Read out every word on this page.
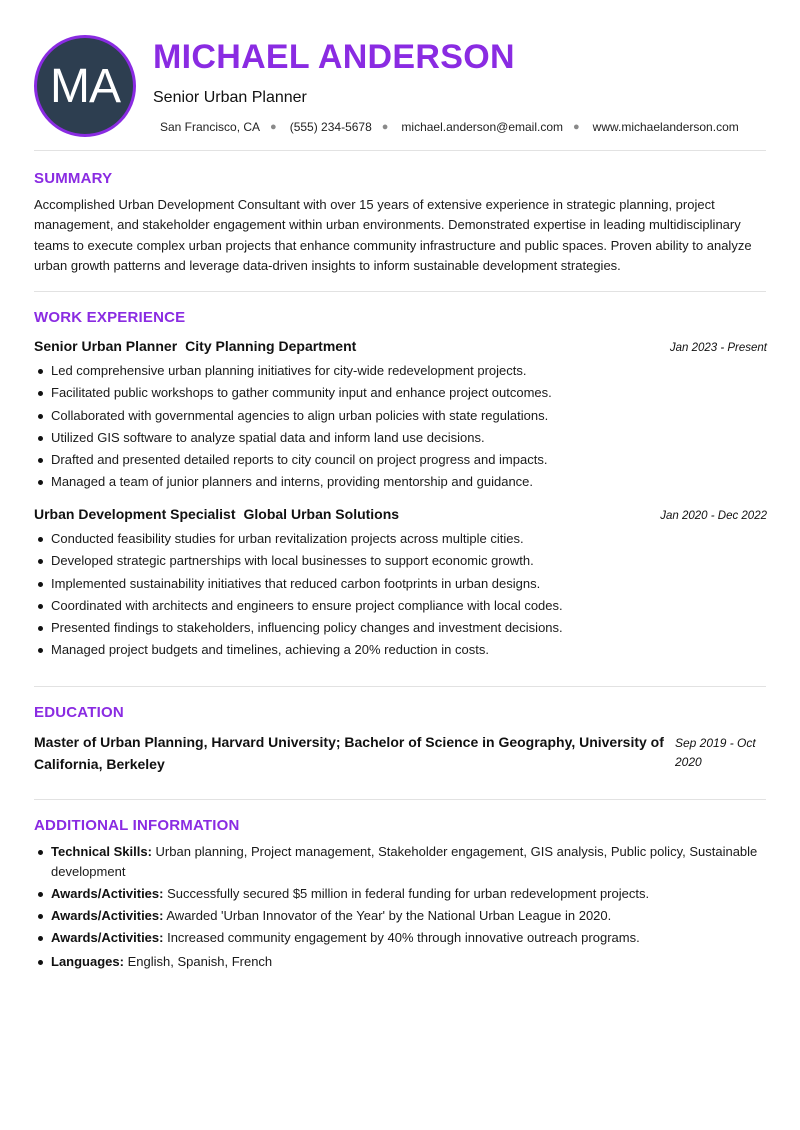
MA
MICHAEL ANDERSON
Senior Urban Planner
San Francisco, CA ● (555) 234-5678 ● michael.anderson@email.com ● www.michaelanderson.com
SUMMARY
Accomplished Urban Development Consultant with over 15 years of extensive experience in strategic planning, project management, and stakeholder engagement within urban environments. Demonstrated expertise in leading multidisciplinary teams to execute complex urban projects that enhance community infrastructure and public spaces. Proven ability to analyze urban growth patterns and leverage data-driven insights to inform sustainable development strategies.
WORK EXPERIENCE
Senior Urban Planner City Planning Department	Jan 2023 - Present
Led comprehensive urban planning initiatives for city-wide redevelopment projects.
Facilitated public workshops to gather community input and enhance project outcomes.
Collaborated with governmental agencies to align urban policies with state regulations.
Utilized GIS software to analyze spatial data and inform land use decisions.
Drafted and presented detailed reports to city council on project progress and impacts.
Managed a team of junior planners and interns, providing mentorship and guidance.
Urban Development Specialist Global Urban Solutions	Jan 2020 - Dec 2022
Conducted feasibility studies for urban revitalization projects across multiple cities.
Developed strategic partnerships with local businesses to support economic growth.
Implemented sustainability initiatives that reduced carbon footprints in urban designs.
Coordinated with architects and engineers to ensure project compliance with local codes.
Presented findings to stakeholders, influencing policy changes and investment decisions.
Managed project budgets and timelines, achieving a 20% reduction in costs.
EDUCATION
Master of Urban Planning, Harvard University; Bachelor of Science in Geography, University of California, Berkeley
Sep 2019 - Oct 2020
ADDITIONAL INFORMATION
Technical Skills: Urban planning, Project management, Stakeholder engagement, GIS analysis, Public policy, Sustainable development
Awards/Activities: Successfully secured $5 million in federal funding for urban redevelopment projects.
Awards/Activities: Awarded 'Urban Innovator of the Year' by the National Urban League in 2020.
Awards/Activities: Increased community engagement by 40% through innovative outreach programs.
Languages: English , Spanish , French
